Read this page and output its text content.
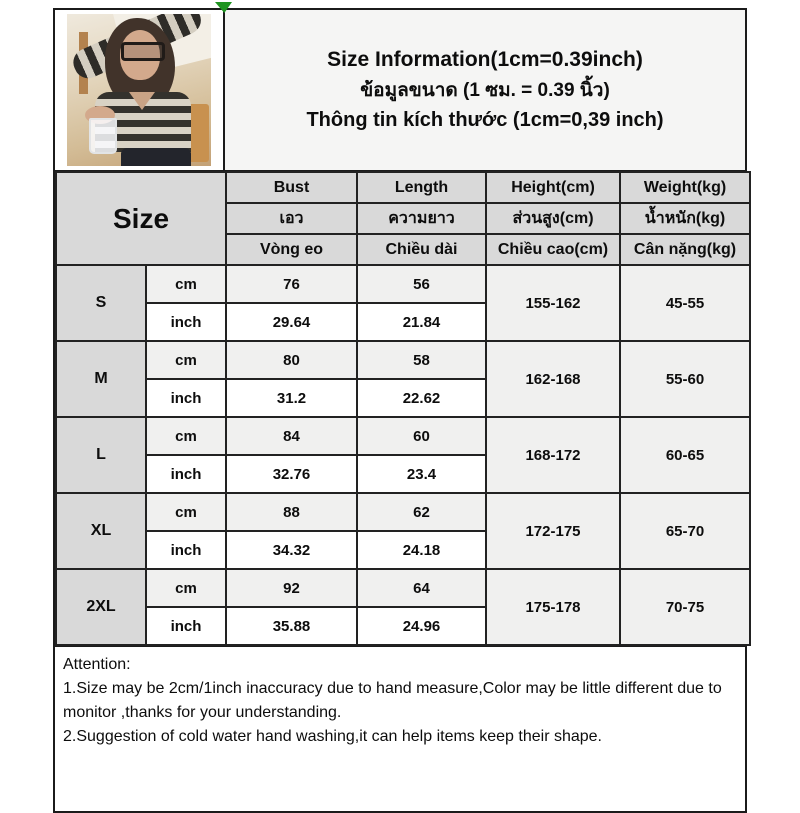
Size Information(1cm=0.39inch)
ข้อมูลขนาด (1 ซม. = 0.39 นิ้ว)
Thông tin kích thước (1cm=0,39 inch)
Size		Bust	Length	Height(cm)	Weight(kg)
		เอว	ความยาว	ส่วนสูง(cm)	น้ำหนัก(kg)
		Vòng eo	Chiều dài	Chiều cao(cm)	Cân nặng(kg)
S	cm	76	56	155-162	45-55
	inch	29.64	21.84		
M	cm	80	58	162-168	55-60
	inch	31.2	22.62		
L	cm	84	60	168-172	60-65
	inch	32.76	23.4		
XL	cm	88	62	172-175	65-70
	inch	34.32	24.18		
2XL	cm	92	64	175-178	70-75
	inch	35.88	24.96		
Attention:
1.Size may be 2cm/1inch inaccuracy due to hand measure,Color may be little different due to monitor ,thanks for your understanding.
2.Suggestion of cold water hand washing,it can help items keep their shape.
